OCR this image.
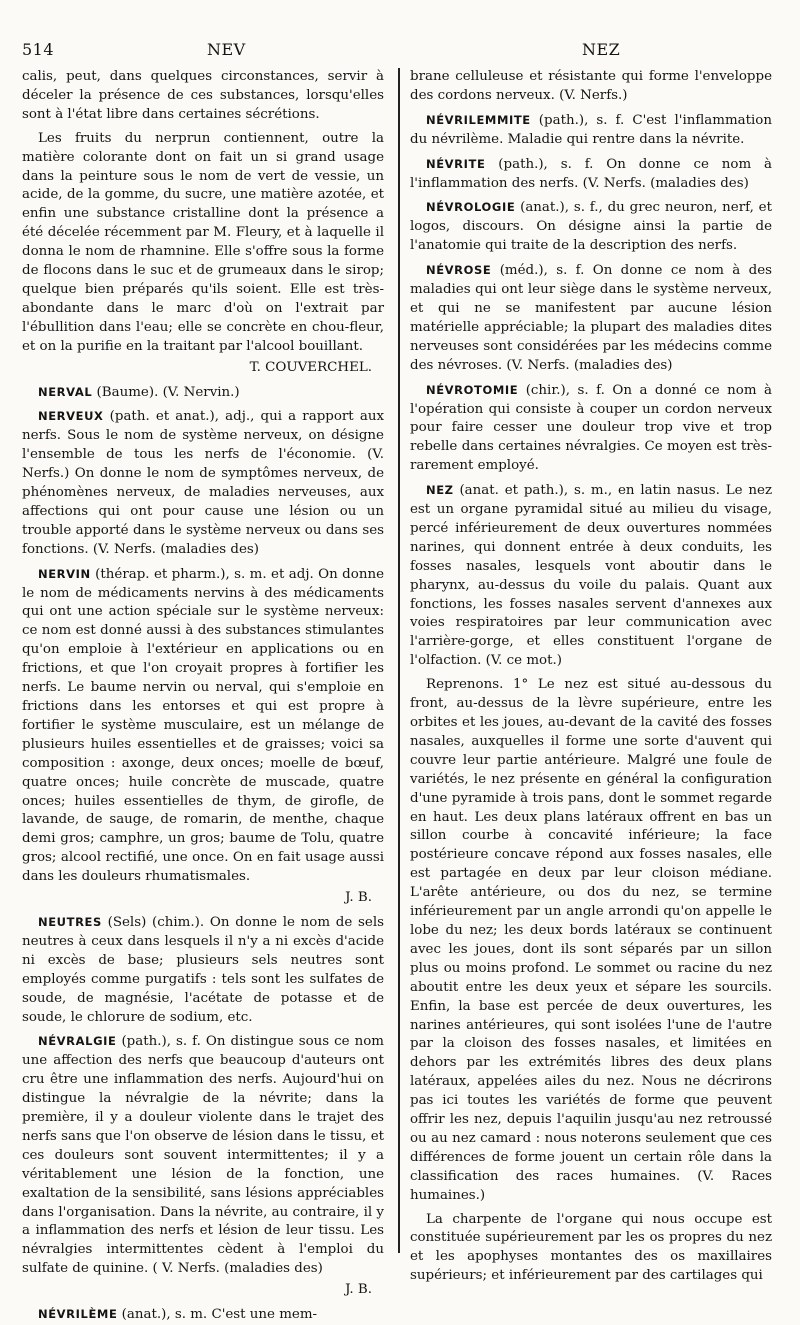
514	NEV	NEZ

calis, peut, dans quelques circonstances, servir à déceler la présence de ces substances, lorsqu'elles sont à l'état libre dans certaines sécrétions.

Les fruits du nerprun contiennent, outre la matière colorante dont on fait un si grand usage dans la peinture sous le nom de vert de vessie, un acide, de la gomme, du sucre, une matière azotée, et enfin une substance cristalline dont la présence a été décelée récemment par M. Fleury, et à laquelle il donna le nom de rhamnine. Elle s'offre sous la forme de flocons dans le suc et de grumeaux dans le sirop; quelque bien préparés qu'ils soient. Elle est très-abondante dans le marc d'où on l'extrait par l'ébullition dans l'eau; elle se concrète en chou-fleur, et on la purifie en la traitant par l'alcool bouillant.

T. COUVERCHEL.

NERVAL (Baume). (V. Nervin.)

NERVEUX (path. et anat.), adj., qui a rapport aux nerfs. Sous le nom de système nerveux, on désigne l'ensemble de tous les nerfs de l'économie. (V. Nerfs.) On donne le nom de symptômes nerveux, de phénomènes nerveux, de maladies nerveuses, aux affections qui ont pour cause une lésion ou un trouble apporté dans le système nerveux ou dans ses fonctions. (V. Nerfs. (maladies des)

NERVIN (thérap. et pharm.), s. m. et adj. On donne le nom de médicaments nervins à des médicaments qui ont une action spéciale sur le système nerveux: ce nom est donné aussi à des substances stimulantes qu'on emploie à l'extérieur en applications ou en frictions, et que l'on croyait propres à fortifier les nerfs. Le baume nervin ou nerval, qui s'emploie en frictions dans les entorses et qui est propre à fortifier le système musculaire, est un mélange de plusieurs huiles essentielles et de graisses; voici sa composition : axonge, deux onces; moelle de bœuf, quatre onces; huile concrète de muscade, quatre onces; huiles essentielles de thym, de girofle, de lavande, de sauge, de romarin, de menthe, chaque demi gros; camphre, un gros; baume de Tolu, quatre gros; alcool rectifié, une once. On en fait usage aussi dans les douleurs rhumatismales.

J. B.

NEUTRES (Sels) (chim.). On donne le nom de sels neutres à ceux dans lesquels il n'y a ni excès d'acide ni excès de base; plusieurs sels neutres sont employés comme purgatifs : tels sont les sulfates de soude, de magnésie, l'acétate de potasse et de soude, le chlorure de sodium, etc.

NÉVRALGIE (path.), s. f. On distingue sous ce nom une affection des nerfs que beaucoup d'auteurs ont cru être une inflammation des nerfs. Aujourd'hui on distingue la névralgie de la névrite; dans la première, il y a douleur violente dans le trajet des nerfs sans que l'on observe de lésion dans le tissu, et ces douleurs sont souvent intermittentes; il y a véritablement une lésion de la fonction, une exaltation de la sensibilité, sans lésions appréciables dans l'organisation. Dans la névrite, au contraire, il y a inflammation des nerfs et lésion de leur tissu. Les névralgies intermittentes cèdent à l'emploi du sulfate de quinine. ( V. Nerfs. (maladies des)

J. B.

NÉVRILÈME (anat.), s. m. C'est une mem-

brane celluleuse et résistante qui forme l'enveloppe des cordons nerveux. (V. Nerfs.)

NÉVRILEMMITE (path.), s. f. C'est l'inflammation du névrilème. Maladie qui rentre dans la névrite.

NÉVRITE (path.), s. f. On donne ce nom à l'inflammation des nerfs. (V. Nerfs. (maladies des)

NÉVROLOGIE (anat.), s. f., du grec neuron, nerf, et logos, discours. On désigne ainsi la partie de l'anatomie qui traite de la description des nerfs.

NÉVROSE (méd.), s. f. On donne ce nom à des maladies qui ont leur siège dans le système nerveux, et qui ne se manifestent par aucune lésion matérielle appréciable; la plupart des maladies dites nerveuses sont considérées par les médecins comme des névroses. (V. Nerfs. (maladies des)

NÉVROTOMIE (chir.), s. f. On a donné ce nom à l'opération qui consiste à couper un cordon nerveux pour faire cesser une douleur trop vive et trop rebelle dans certaines névralgies. Ce moyen est très-rarement employé.

NEZ (anat. et path.), s. m., en latin nasus. Le nez est un organe pyramidal situé au milieu du visage, percé inférieurement de deux ouvertures nommées narines, qui donnent entrée à deux conduits, les fosses nasales, lesquels vont aboutir dans le pharynx, au-dessus du voile du palais. Quant aux fonctions, les fosses nasales servent d'annexes aux voies respiratoires par leur communication avec l'arrière-gorge, et elles constituent l'organe de l'olfaction. (V. ce mot.)

Reprenons. 1° Le nez est situé au-dessous du front, au-dessus de la lèvre supérieure, entre les orbites et les joues, au-devant de la cavité des fosses nasales, auxquelles il forme une sorte d'auvent qui couvre leur partie antérieure. Malgré une foule de variétés, le nez présente en général la configuration d'une pyramide à trois pans, dont le sommet regarde en haut. Les deux plans latéraux offrent en bas un sillon courbe à concavité inférieure; la face postérieure concave répond aux fosses nasales, elle est partagée en deux par leur cloison médiane. L'arête antérieure, ou dos du nez, se termine inférieurement par un angle arrondi qu'on appelle le lobe du nez; les deux bords latéraux se continuent avec les joues, dont ils sont séparés par un sillon plus ou moins profond. Le sommet ou racine du nez aboutit entre les deux yeux et sépare les sourcils. Enfin, la base est percée de deux ouvertures, les narines antérieures, qui sont isolées l'une de l'autre par la cloison des fosses nasales, et limitées en dehors par les extrémités libres des deux plans latéraux, appelées ailes du nez. Nous ne décrirons pas ici toutes les variétés de forme que peuvent offrir les nez, depuis l'aquilin jusqu'au nez retroussé ou au nez camard : nous noterons seulement que ces différences de forme jouent un certain rôle dans la classification des races humaines. (V. Races humaines.)

La charpente de l'organe qui nous occupe est constituée supérieurement par les os propres du nez et les apophyses montantes des os maxillaires supérieurs; et inférieurement par des cartilages qui
